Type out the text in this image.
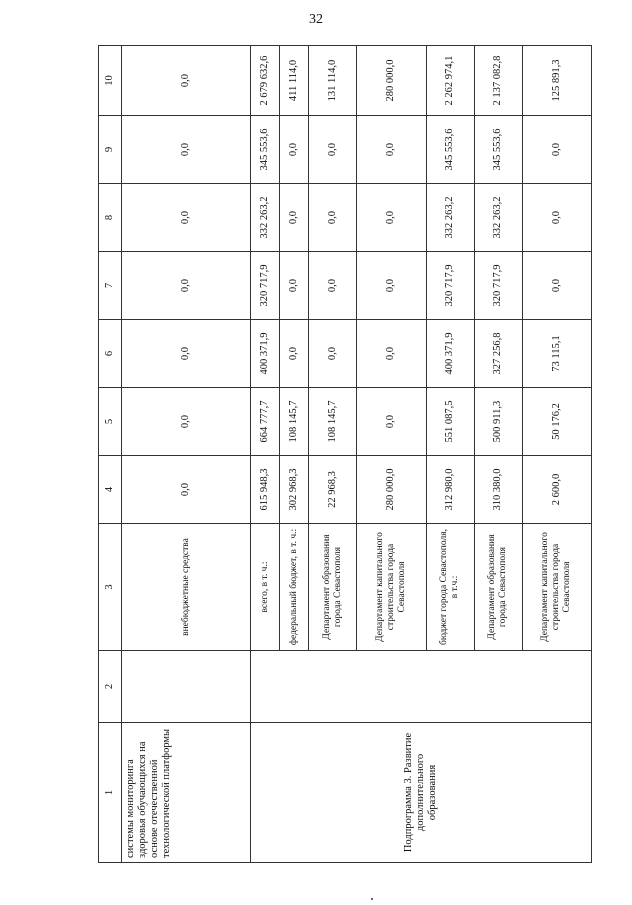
32
1	2	3	4	5	6	7	8	9	10
системы мониторинга здоровья обучающихся на основе отечественной технологической платформы		внебюджетные средства	0,0	0,0	0,0	0,0	0,0	0,0	0,0
Подпрограмма 3. Развитие дополнительного образования		всего, в т. ч.:	615 948,3	664 777,7	400 371,9	320 717,9	332 263,2	345 553,6	2 679 632,6
		федеральный бюджет, в т. ч.:	302 968,3	108 145,7	0,0	0,0	0,0	0,0	411 114,0
		Департамент образования города Севастополя	22 968,3	108 145,7	0,0	0,0	0,0	0,0	131 114,0
		Департамент капитального строительства города Севастополя	280 000,0	0,0	0,0	0,0	0,0	0,0	280 000,0
		бюджет города Севастополя, в т.ч.:	312 980,0	551 087,5	400 371,9	320 717,9	332 263,2	345 553,6	2 262 974,1
		Департамент образования города Севастополя	310 380,0	500 911,3	327 256,8	320 717,9	332 263,2	345 553,6	2 137 082,8
		Департамент капитального строительства города Севастополя	2 600,0	50 176,2	73 115,1	0,0	0,0	0,0	125 891,3
